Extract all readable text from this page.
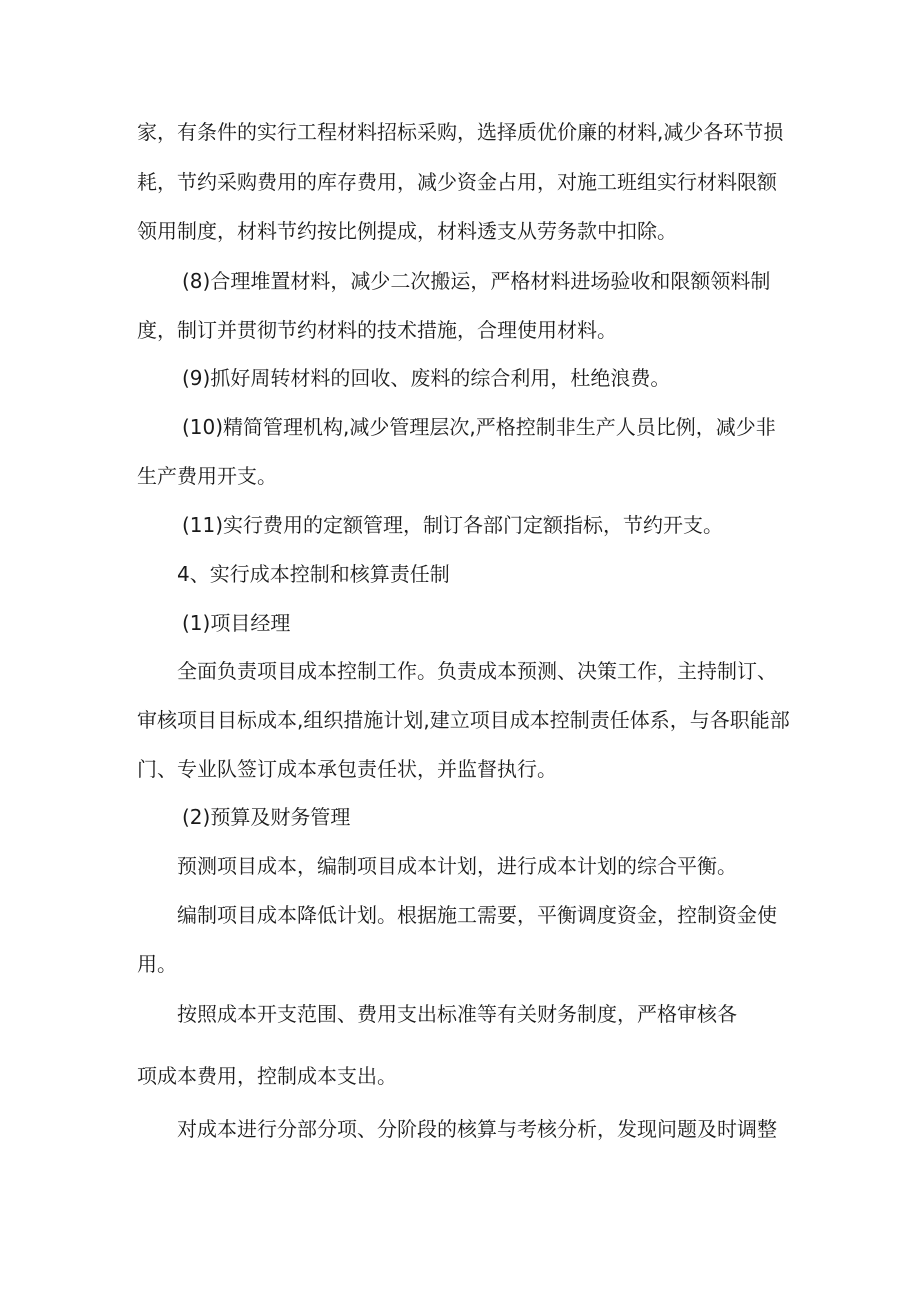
家，有条件的实行工程材料招标采购，选择质优价廉的材料,减少各环节损
耗，节约采购费用的库存费用，减少资金占用，对施工班组实行材料限额
领用制度，材料节约按比例提成，材料透支从劳务款中扣除。
(8)合理堆置材料，减少二次搬运，严格材料进场验收和限额领料制
度，制订并贯彻节约材料的技术措施，合理使用材料。
(9)抓好周转材料的回收、废料的综合利用，杜绝浪费。
(10)精简管理机构,减少管理层次,严格控制非生产人员比例，减少非
生产费用开支。
(11)实行费用的定额管理，制订各部门定额指标，节约开支。
4、实行成本控制和核算责任制
(1)项目经理
全面负责项目成本控制工作。负责成本预测、决策工作，主持制订、
审核项目目标成本,组织措施计划,建立项目成本控制责任体系，与各职能部
门、专业队签订成本承包责任状，并监督执行。
(2)预算及财务管理
预测项目成本，编制项目成本计划，进行成本计划的综合平衡。
编制项目成本降低计划。根据施工需要，平衡调度资金，控制资金使
用。
按照成本开支范围、费用支出标准等有关财务制度，严格审核各
项成本费用，控制成本支出。
对成本进行分部分项、分阶段的核算与考核分析，发现问题及时调整
